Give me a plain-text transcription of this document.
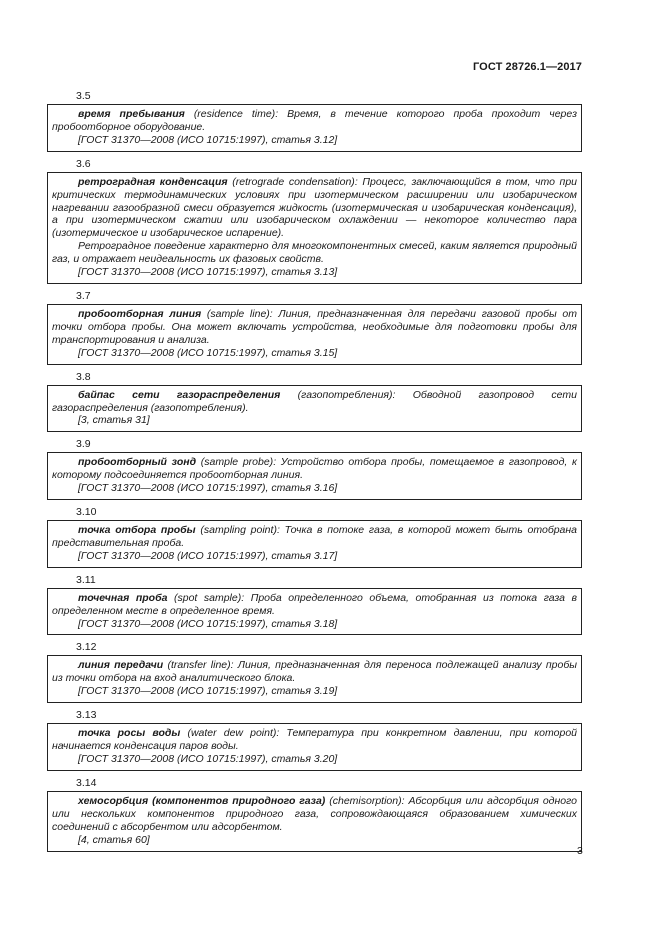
ГОСТ 28726.1—2017
3.5

время пребывания (residence time): Время, в течение которого проба проходит через пробоотборное оборудование.

[ГОСТ 31370—2008 (ИСО 10715:1997), статья 3.12]

3.6

ретроградная конденсация (retrograde condensation): Процесс, заключающийся в том, что при критических термодинамических условиях при изотермическом расширении или изобарическом нагревании газообразной смеси образуется жидкость (изотермическая и изобарическая конденсация), а при изотермическом сжатии или изобарическом охлаждении — некоторое количество пара (изотермическое и изобарическое испарение).

Ретроградное поведение характерно для многокомпонентных смесей, каким является природный газ, и отражает неидеальность их фазовых свойств.

[ГОСТ 31370—2008 (ИСО 10715:1997), статья 3.13]

3.7

пробоотборная линия (sample line): Линия, предназначенная для передачи газовой пробы от точки отбора пробы. Она может включать устройства, необходимые для подготовки пробы для транспортирования и анализа.

[ГОСТ 31370—2008 (ИСО 10715:1997), статья 3.15]

3.8

байпас сети газораспределения (газопотребления): Обводной газопровод сети газораспределения (газопотребления).

[3, статья 31]

3.9

пробоотборный зонд (sample probe): Устройство отбора пробы, помещаемое в газопровод, к которому подсоединяется пробоотборная линия.

[ГОСТ 31370—2008 (ИСО 10715:1997), статья 3.16]

3.10

точка отбора пробы (sampling point): Точка в потоке газа, в которой может быть отобрана представительная проба.

[ГОСТ 31370—2008 (ИСО 10715:1997), статья 3.17]

3.11

точечная проба (spot sample): Проба определенного объема, отобранная из потока газа в определенном месте в определенное время.

[ГОСТ 31370—2008 (ИСО 10715:1997), статья 3.18]

3.12

линия передачи (transfer line): Линия, предназначенная для переноса подлежащей анализу пробы из точки отбора на вход аналитического блока.

[ГОСТ 31370—2008 (ИСО 10715:1997), статья 3.19]

3.13

точка росы воды (water dew point): Температура при конкретном давлении, при которой начинается конденсация паров воды.

[ГОСТ 31370—2008 (ИСО 10715:1997), статья 3.20]

3.14

хемосорбция (компонентов природного газа) (chemisorption): Абсорбция или адсорбция одного или нескольких компонентов природного газа, сопровождающаяся образованием химических соединений с абсорбентом или адсорбентом.

[4, статья 60]

3
